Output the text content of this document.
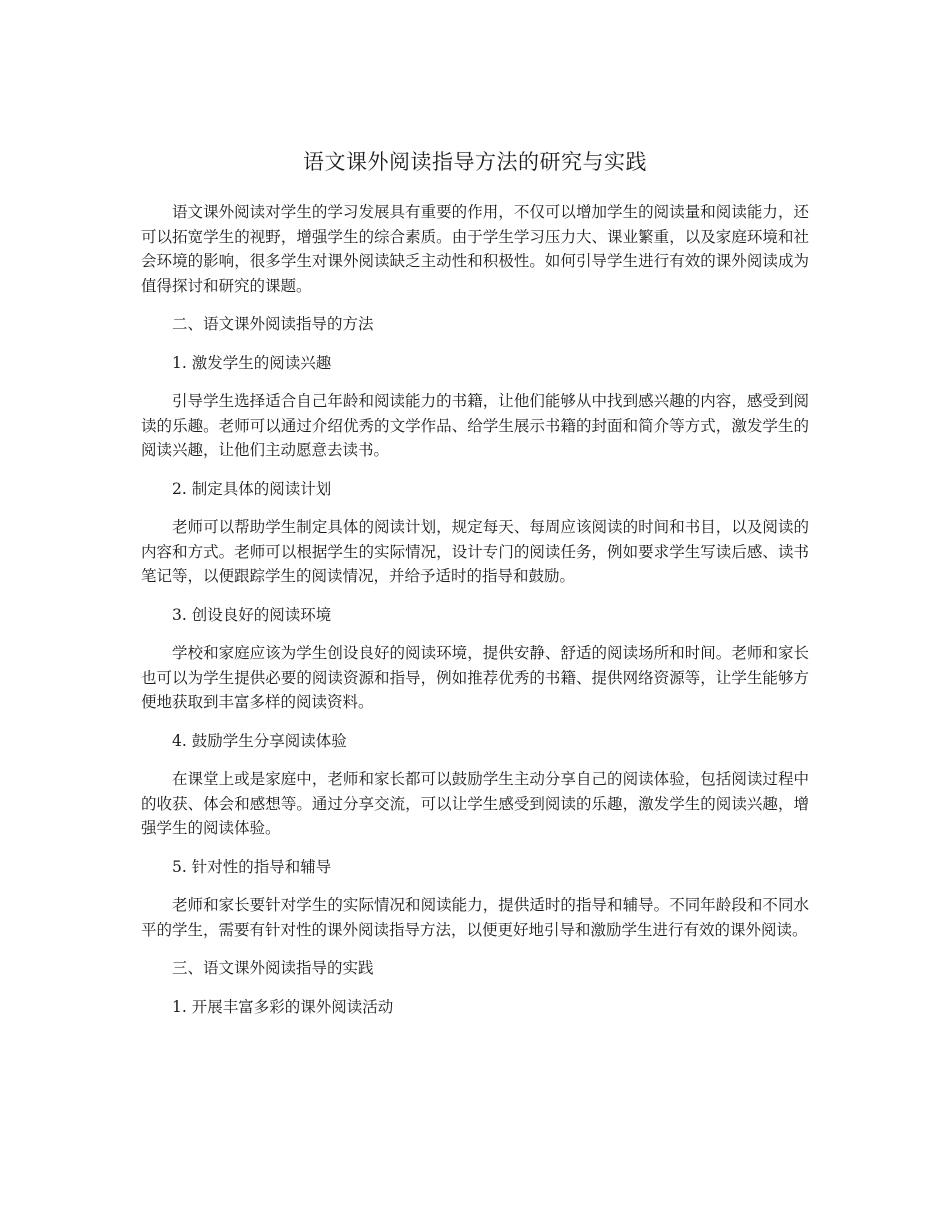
语文课外阅读指导方法的研究与实践

语文课外阅读对学生的学习发展具有重要的作用，不仅可以增加学生的阅读量和阅读能力，还可以拓宽学生的视野，增强学生的综合素质。由于学生学习压力大、课业繁重，以及家庭环境和社会环境的影响，很多学生对课外阅读缺乏主动性和积极性。如何引导学生进行有效的课外阅读成为值得探讨和研究的课题。

二、语文课外阅读指导的方法

1. 激发学生的阅读兴趣

引导学生选择适合自己年龄和阅读能力的书籍，让他们能够从中找到感兴趣的内容，感受到阅读的乐趣。老师可以通过介绍优秀的文学作品、给学生展示书籍的封面和简介等方式，激发学生的阅读兴趣，让他们主动愿意去读书。

2. 制定具体的阅读计划

老师可以帮助学生制定具体的阅读计划，规定每天、每周应该阅读的时间和书目，以及阅读的内容和方式。老师可以根据学生的实际情况，设计专门的阅读任务，例如要求学生写读后感、读书笔记等，以便跟踪学生的阅读情况，并给予适时的指导和鼓励。

3. 创设良好的阅读环境

学校和家庭应该为学生创设良好的阅读环境，提供安静、舒适的阅读场所和时间。老师和家长也可以为学生提供必要的阅读资源和指导，例如推荐优秀的书籍、提供网络资源等，让学生能够方便地获取到丰富多样的阅读资料。

4. 鼓励学生分享阅读体验

在课堂上或是家庭中，老师和家长都可以鼓励学生主动分享自己的阅读体验，包括阅读过程中的收获、体会和感想等。通过分享交流，可以让学生感受到阅读的乐趣，激发学生的阅读兴趣，增强学生的阅读体验。

5. 针对性的指导和辅导

老师和家长要针对学生的实际情况和阅读能力，提供适时的指导和辅导。不同年龄段和不同水平的学生，需要有针对性的课外阅读指导方法，以便更好地引导和激励学生进行有效的课外阅读。

三、语文课外阅读指导的实践

1. 开展丰富多彩的课外阅读活动
